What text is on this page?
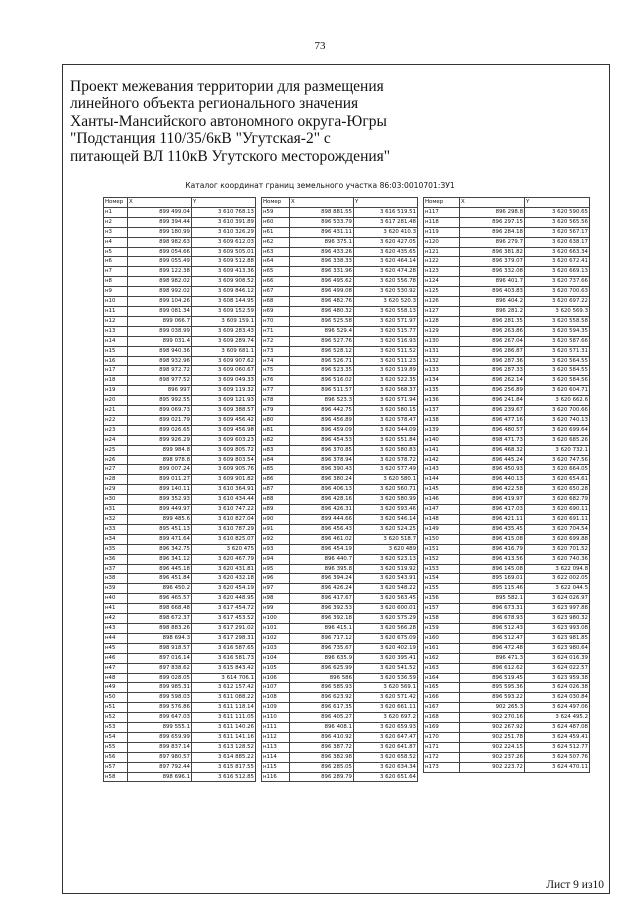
73
Проект межевания территории для размещения
линейного объекта регионального значения
Ханты-Мансийского автономного округа-Югры
"Подстанция 110/35/6кВ "Угутская-2" с
питающей ВЛ 110кВ Угутского месторождения"
Каталог координат границ земельного участка 86:03:0010701:ЗУ1
Номер	X	Y
н1	899 499.04	3 610 768.13
н2	899 394.44	3 610 391.89
н3	899 180.99	3 610 326.29
н4	898 982.63	3 609 612.03
н5	899 054.66	3 609 505.01
н6	899 055.49	3 609 512.88
н7	899 122.38	3 609 413.36
н8	898 982.02	3 609 908.52
н9	898 992.02	3 609 846.12
н10	899 104.26	3 608 144.95
н11	899 081.34	3 609 152.59
н12	899 066.7	3 609 159.1
н13	899 038.99	3 609 283.43
н14	899 031.4	3 609 289.74
н15	898 940.36	3 609 681.1
н16	898 932.96	3 609 907.62
н17	898 972.72	3 609 060.67
н18	898 977.52	3 609 049.33
н19	896 997	3 609 119.32
н20	895 992.55	3 609 121.93
н21	899 069.73	3 609 388.57
н22	899 021.79	3 609 456.42
н23	899 026.65	3 609 456.98
н24	899 926.29	3 609 603.23
н25	899 984.8	3 609 805.72
н26	898 978.8	3 609 803.54
н27	899 007.24	3 609 905.76
н28	899 011.27	3 609 901.82
н29	899 140.11	3 610 364.91
н30	899 352.93	3 610 434.44
н31	899 449.97	3 610 747.22
н32	899 485.6	3 610 827.04
н33	895 451.13	3 610 787.29
н34	899 471.64	3 610 825.07
н35	896 342.75	3 620 475
н36	896 341.12	3 620 467.79
н37	896 445.18	3 620 431.81
н38	896 451.84	3 620 432.18
н39	896 450.2	3 620 454.19
н40	896 465.57	3 620 448.95
н41	898 668.48	3 617 454.72
н42	898 672.37	3 617 453.52
н43	898 883.26	3 617 291.02
н44	898 694.3	3 617 298.31
н45	898 918.57	3 616 587.65
н46	897 016.14	3 616 581.73
н47	897 838.62	3 615 843.42
н48	899 028.05	3 614 706.1
н49	899 985.31	3 612 157.42
н50	899 598.03	3 611 088.22
н51	899 576.86	3 611 118.14
н52	899 647.03	3 611 111.05
н53	899 555.1	3 611 140.26
н54	899 659.99	3 611 141.16
н55	899 837.14	3 613 128.52
н56	897 980.57	3 614 885.22
н57	897 792.44	3 615 817.55
н58	898 696.1	3 616 512.85
Номер	X	Y
н59	898 881.55	3 616 519.51
н60	896 533.79	3 617 281.48
н61	896 431.11	3 620 410.3
н62	896 375.1	3 620 427.05
н63	896 433.26	3 620 435.65
н64	896 338.33	3 620 464.14
н65	896 331.96	3 620 474.28
н66	896 495.62	3 620 556.78
н67	896 499.08	3 620 530.92
н68	896 482.76	3 620 520.3
н69	896 480.32	3 620 558.13
н70	896 525.58	3 620 571.97
н71	896 529.4	3 620 515.77
н72	896 527.76	3 620 516.93
н73	896 528.12	3 620 511.52
н74	896 526.71	3 620 511.23
н75	896 523.35	3 620 519.89
н76	896 516.02	3 620 522.35
н77	896 511.57	3 620 568.37
н78	896 523.3	3 620 571.94
н79	896 442.75	3 620 580.15
н80	896 456.89	3 620 578.47
н81	896 459.09	3 620 544.09
н82	896 454.53	3 620 551.84
н83	896 370.85	3 620 580.83
н84	896 378.94	3 620 578.72
н85	896 390.43	3 620 577.49
н86	896 380.24	3 620 580.1
н87	896 406.13	3 620 560.71
н88	896 428.16	3 620 580.99
н89	896 426.31	3 620 593.46
н90	899 444.66	3 620 546.14
н91	896 456.43	3 620 524.25
н92	896 461.02	3 620 518.7
н93	896 454.19	3 620 489
н94	896 440.7	3 620 523.13
н95	896 395.8	3 620 519.92
н96	896 394.24	3 620 543.91
н97	896 426.24	3 620 548.22
н98	896 417.67	3 620 563.45
н99	896 392.53	3 620 600.01
н100	896 392.18	3 620 575.29
н101	896 415.1	3 620 566.28
н102	896 717.12	3 620 675.09
н103	896 735.67	3 620 402.19
н104	896 635.9	3 620 395.41
н105	896 625.99	3 620 541.52
н106	896 586	3 620 536.59
н107	896 585.93	3 620 569.1
н108	896 623.92	3 620 571.42
н109	896 617.35	3 620 661.11
н110	896 405.27	3 620 697.2
н111	896 408.1	3 620 659.93
н112	896 410.92	3 620 647.47
н113	896 387.72	3 620 641.87
н114	896 382.98	3 620 658.52
н115	896 285.05	3 620 634.34
н116	896 289.79	3 620 651.64
Номер	X	Y
н117	896 298.8	3 620 590.65
н118	896 297.15	3 620 565.56
н119	896 284.18	3 620 567.17
н120	896 279.7	3 620 638.17
н121	896 381.82	3 620 663.34
н122	896 379.07	3 620 672.41
н123	896 332.08	3 620 669.13
н124	896 401.7	3 620 737.66
н125	896 403.83	3 620 700.63
н126	896 404.2	3 620 697.22
н127	896 281.2	3 620 569.3
н128	896 281.35	3 620 558.58
н129	896 263.86	3 620 594.35
н130	896 267.04	3 620 587.66
н131	896 286.87	3 620 571.31
н132	896 287.36	3 620 564.55
н133	896 287.33	3 620 584.55
н134	896 262.14	3 620 584.56
н135	896 256.89	3 620 604.71
н136	896 241.84	3 620 662.6
н137	896 239.67	3 620 700.66
н138	896 477.16	3 620 740.13
н139	896 480.57	3 620 699.64
н140	898 471.73	3 620 685.26
н141	896 468.32	3 620 732.1
н142	896 445.24	3 620 747.56
н143	896 450.93	3 620 664.05
н144	896 440.13	3 620 654.61
н145	896 422.58	3 620 650.28
н146	896 419.97	3 620 682.79
н147	896 417.03	3 620 690.11
н148	896 421.11	3 620 691.11
н149	896 435.45	3 620 704.54
н150	896 415.08	3 620 699.88
н151	896 416.79	3 620 701.52
н152	896 413.56	3 620 740.36
н153	896 145.08	3 622 094.8
н154	895 169.01	3 622 002.05
н155	895 115.46	3 622 044.5
н156	895 582.1	3 624 026.97
н157	896 673.31	3 623 997.88
н158	896 678.93	3 623 980.32
н159	896 512.43	3 623 993.08
н160	896 512.47	3 623 981.85
н161	896 472.48	3 623 980.64
н162	896 471.3	3 624 016.39
н163	896 612.62	3 624 022.57
н164	896 519.45	3 623 959.38
н165	895 595.36	3 624 026.38
н166	896 593.22	3 624 030.84
н167	902 265.3	3 624 497.06
н168	902 270.16	3 624 495.2
н169	902 267.92	3 624 487.08
н170	902 251.78	3 624 459.41
н171	902 224.15	3 624 512.77
н172	902 237.26	3 624 507.76
н173	902 223.72	3 624 470.11
Лист 9 из10
